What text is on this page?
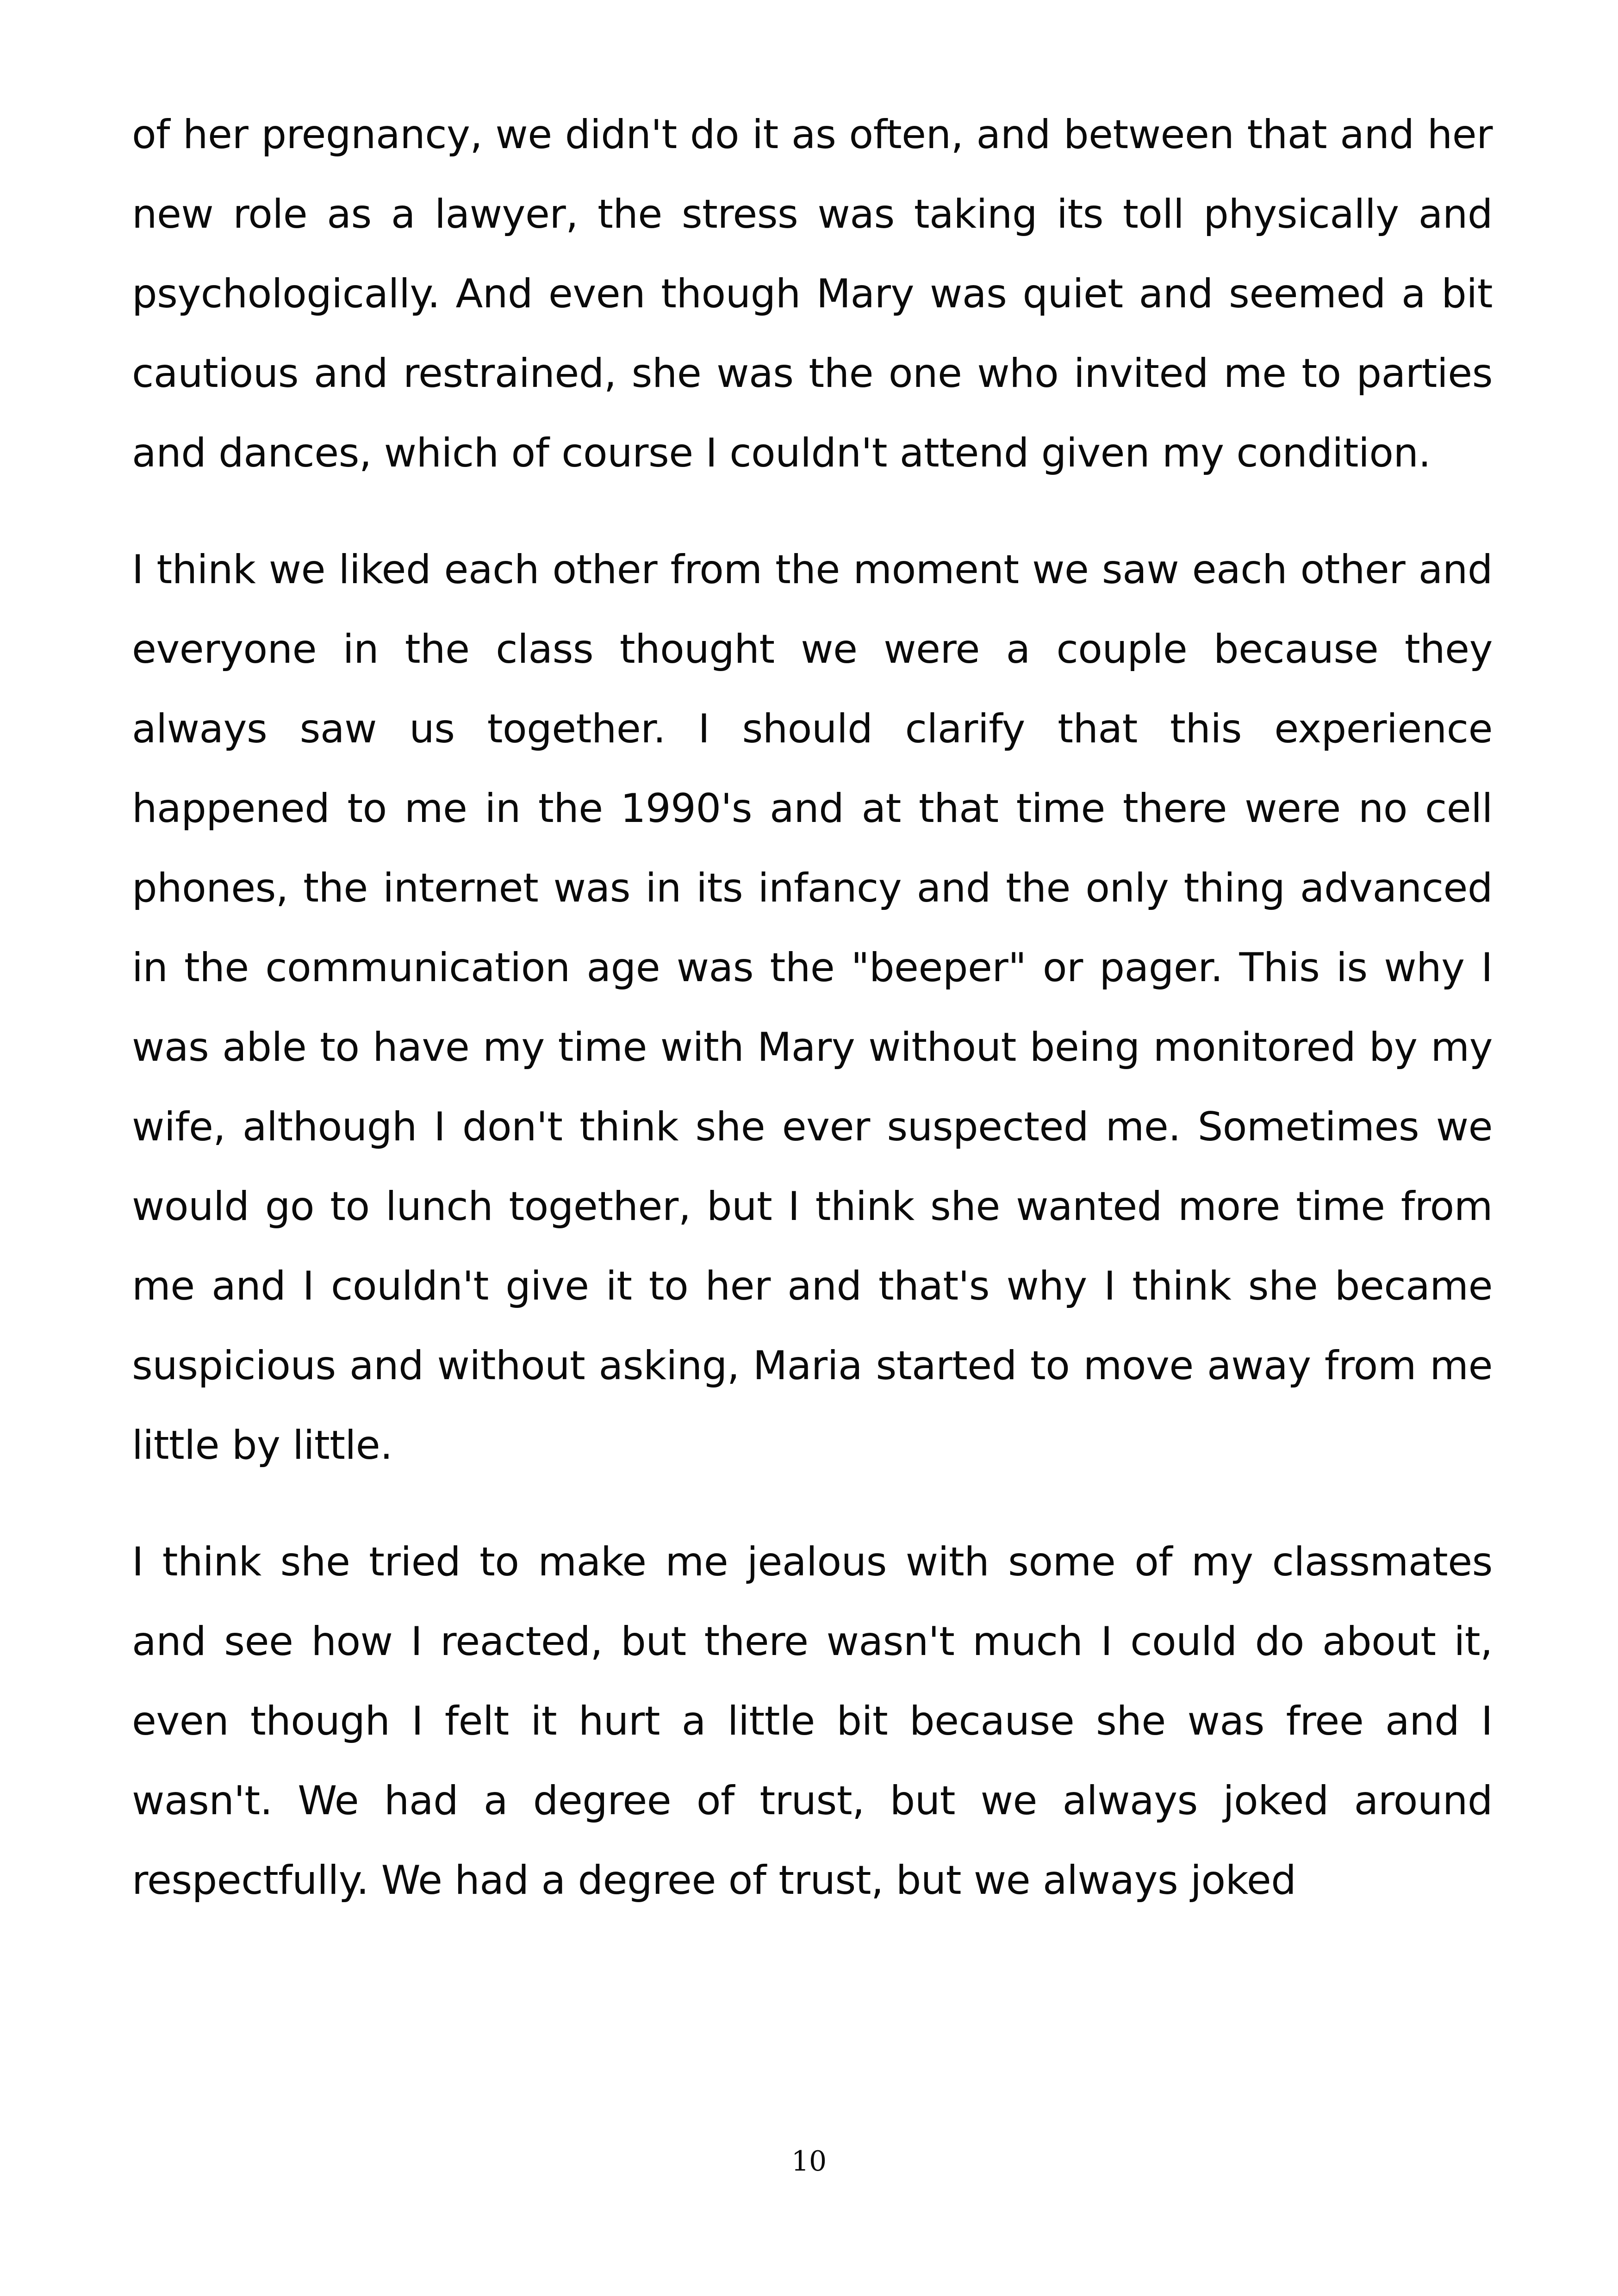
of her pregnancy, we didn't do it as often, and between that and her new role as a lawyer, the stress was taking its toll physically and psychologically. And even though Mary was quiet and seemed a bit cautious and restrained, she was the one who invited me to parties and dances, which of course I couldn't attend given my condition.

I think we liked each other from the moment we saw each other and everyone in the class thought we were a couple because they always saw us together. I should clarify that this experience happened to me in the 1990's and at that time there were no cell phones, the internet was in its infancy and the only thing advanced in the communication age was the "beeper" or pager. This is why I was able to have my time with Mary without being monitored by my wife, although I don't think she ever suspected me. Sometimes we would go to lunch together, but I think she wanted more time from me and I couldn't give it to her and that's why I think she became suspicious and without asking, Maria started to move away from me little by little.

I think she tried to make me jealous with some of my classmates and see how I reacted, but there wasn't much I could do about it, even though I felt it hurt a little bit because she was free and I wasn't. We had a degree of trust, but we always joked around respectfully. We had a degree of trust, but we always joked

10
